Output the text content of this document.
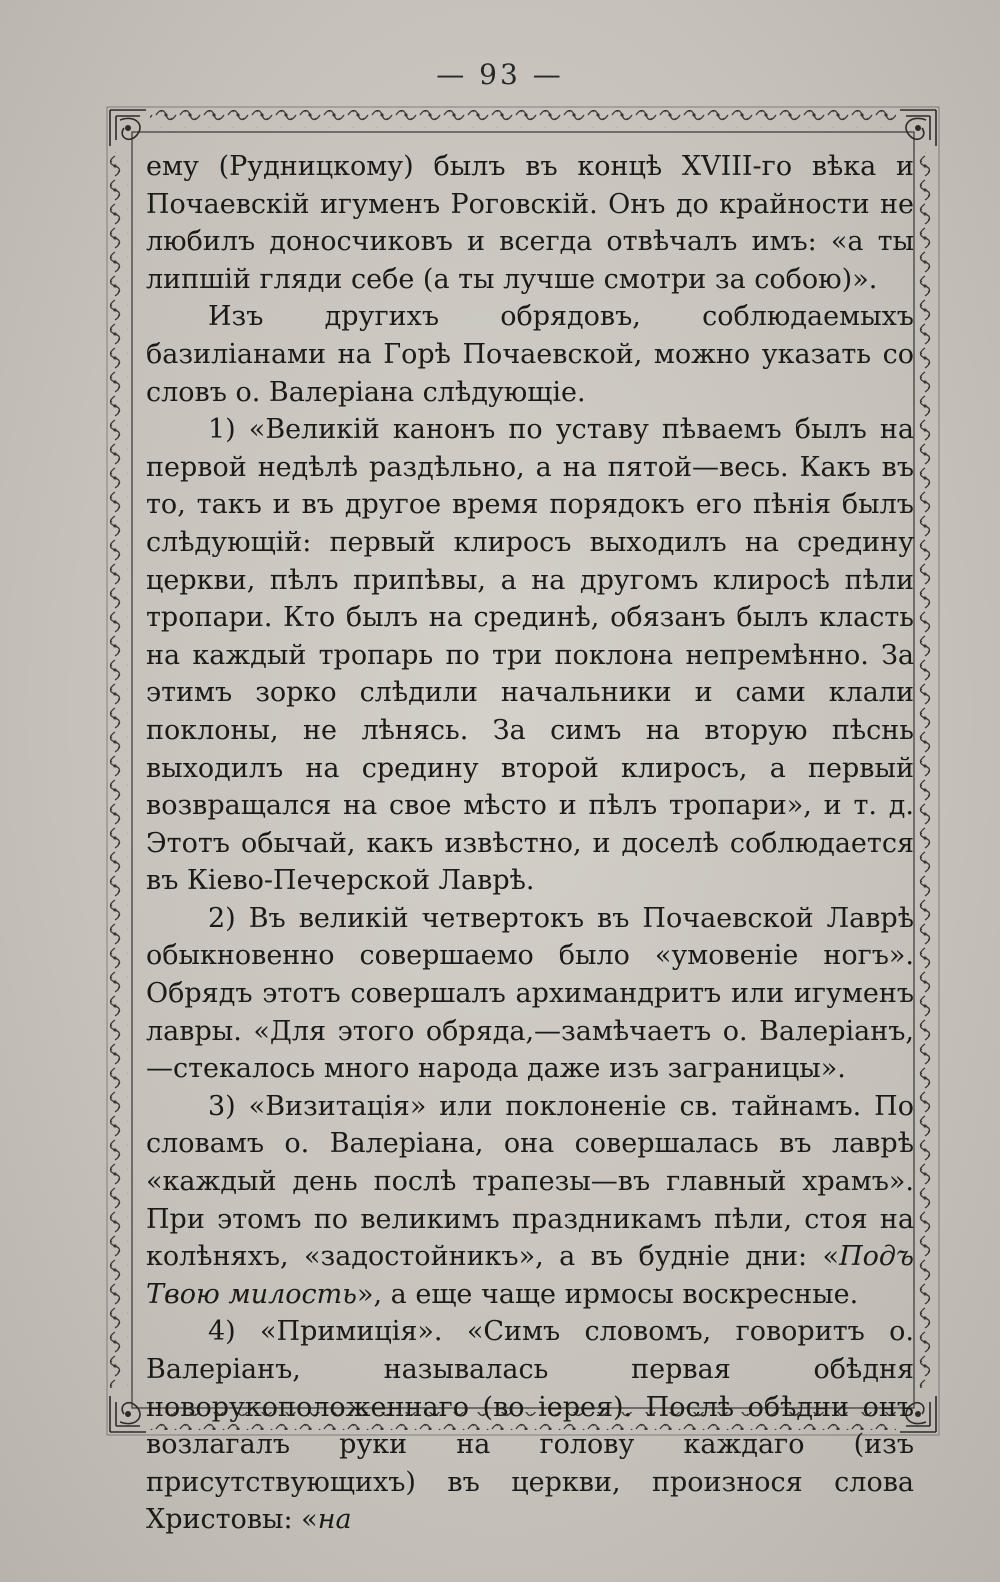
— 93 —

ему (Рудницкому) былъ въ концѣ XVIII-го вѣка и Почаевскій игуменъ Роговскій. Онъ до крайности не любилъ доносчиковъ и всегда отвѣчалъ имъ: «а ты липшій гляди себе (а ты лучше смотри за собою)».

Изъ другихъ обрядовъ, соблюдаемыхъ базиліанами на Горѣ Почаевской, можно указать со словъ о. Валеріана слѣдующіе.

1) «Великій канонъ по уставу пѣваемъ былъ на первой недѣлѣ раздѣльно, а на пятой—весь. Какъ въ то, такъ и въ другое время порядокъ его пѣнія былъ слѣдующій: первый клиросъ выходилъ на средину церкви, пѣлъ припѣвы, а на другомъ клиросѣ пѣли тропари. Кто былъ на срединѣ, обязанъ былъ класть на каждый тропарь по три поклона непремѣнно. За этимъ зорко слѣдили начальники и сами клали поклоны, не лѣнясь. За симъ на вторую пѣснь выходилъ на средину второй клиросъ, а первый возвращался на свое мѣсто и пѣлъ тропари», и т. д. Этотъ обычай, какъ извѣстно, и доселѣ соблюдается въ Кіево-Печерской Лаврѣ.

2) Въ великій четвертокъ въ Почаевской Лаврѣ обыкновенно совершаемо было «умовеніе ногъ». Обрядъ этотъ совершалъ архимандритъ или игуменъ лавры. «Для этого обряда,—замѣчаетъ о. Валеріанъ,—стекалось много народа даже изъ заграницы».

3) «Визитація» или поклоненіе св. тайнамъ. По словамъ о. Валеріана, она совершалась въ лаврѣ «каждый день послѣ трапезы—въ главный храмъ». При этомъ по великимъ праздникамъ пѣли, стоя на колѣняхъ, «задостойникъ», а въ будніе дни: «Подъ Твою милость», а еще чаще ирмосы воскресные.

4) «Примиція». «Симъ словомъ, говоритъ о. Валеріанъ, называлась первая обѣдня новорукоположеннаго (во іерея). Послѣ обѣдни онъ возлагалъ руки на голову каждаго (изъ присутствующихъ) въ церкви, произнося слова Христовы: «на
